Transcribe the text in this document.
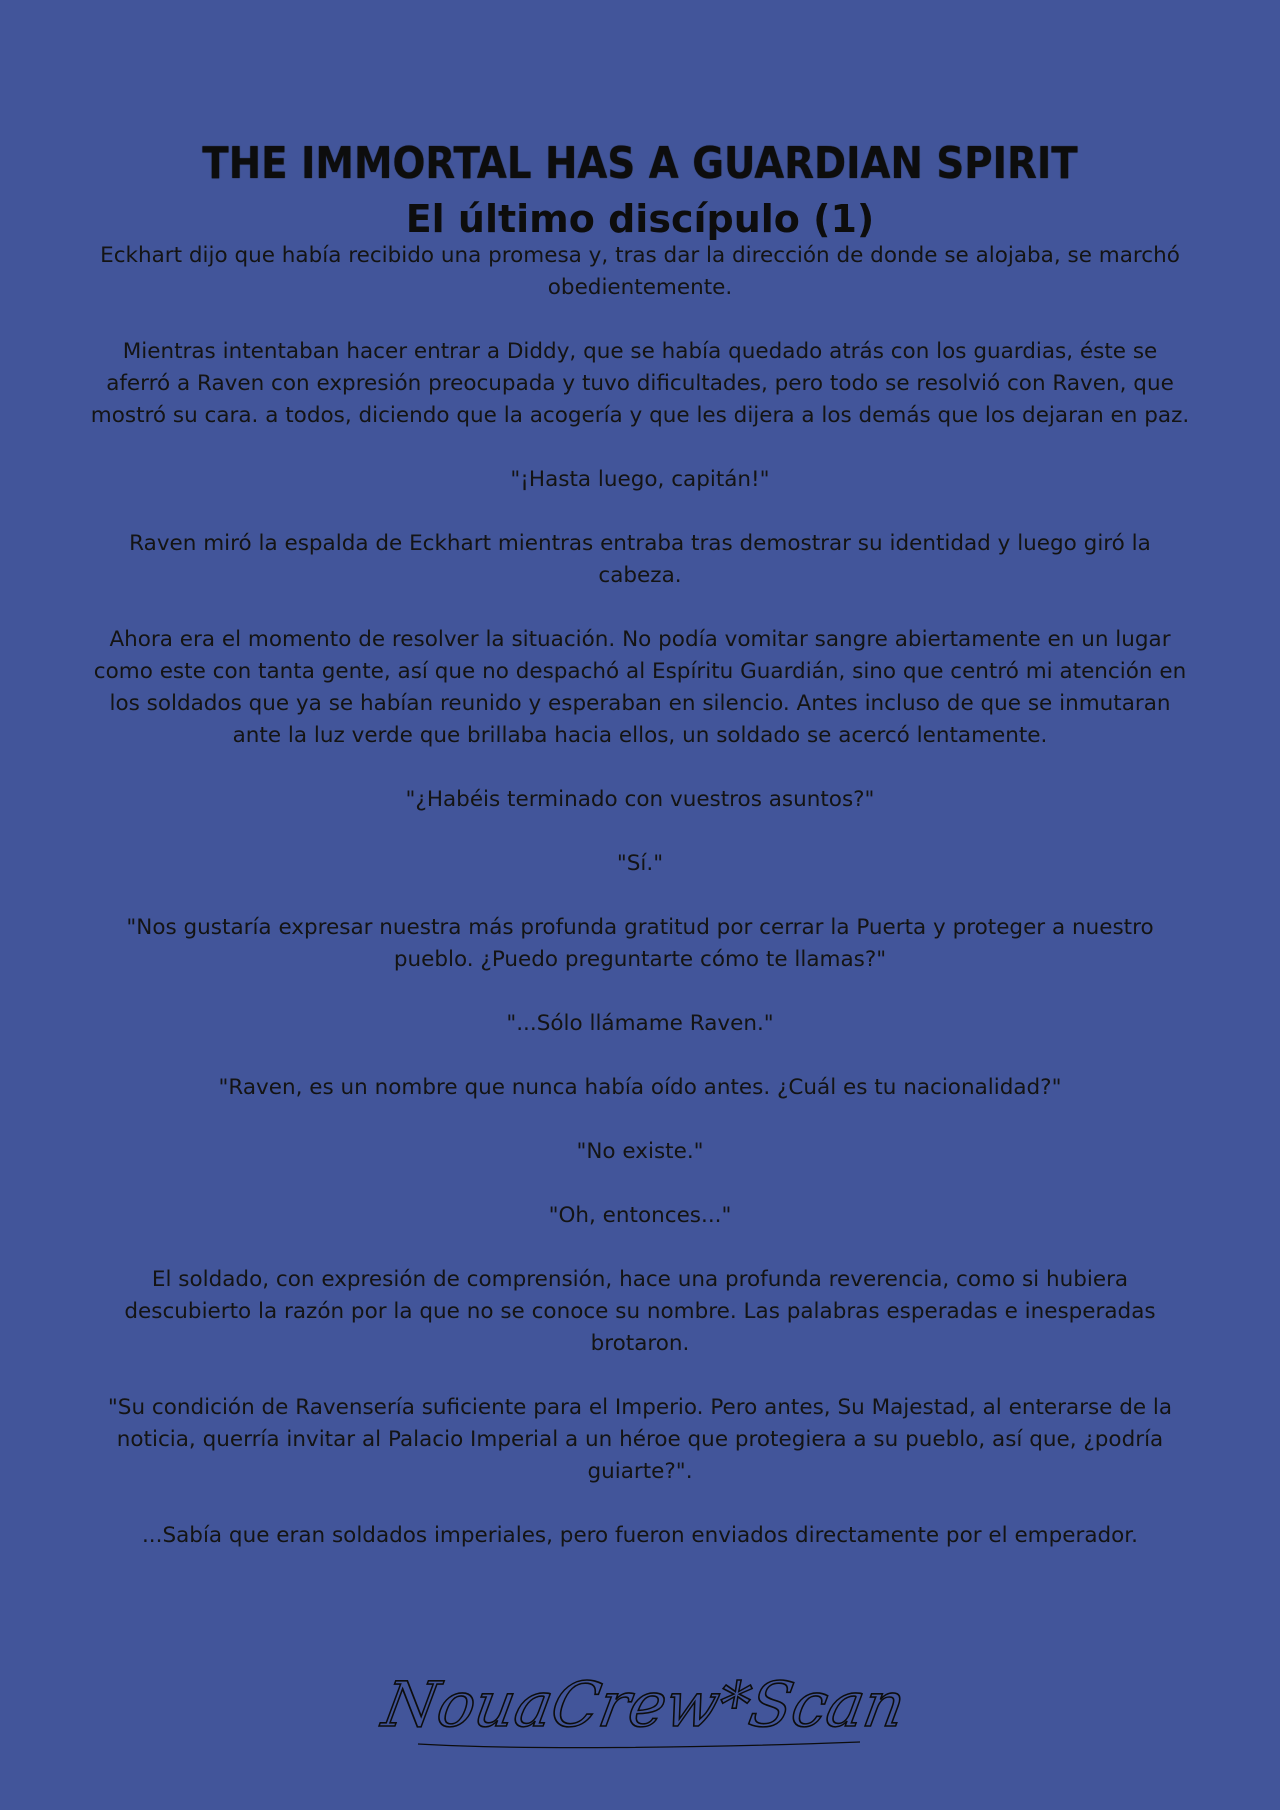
THE IMMORTAL HAS A GUARDIAN SPIRIT
El último discípulo (1)

Eckhart dijo que había recibido una promesa y, tras dar la dirección de donde se alojaba, se marchó obedientemente.

Mientras intentaban hacer entrar a Diddy, que se había quedado atrás con los guardias, éste se aferró a Raven con expresión preocupada y tuvo dificultades, pero todo se resolvió con Raven, que mostró su cara. a todos, diciendo que la acogería y que les dijera a los demás que los dejaran en paz.

"¡Hasta luego, capitán!"

Raven miró la espalda de Eckhart mientras entraba tras demostrar su identidad y luego giró la cabeza.

Ahora era el momento de resolver la situación. No podía vomitar sangre abiertamente en un lugar como este con tanta gente, así que no despachó al Espíritu Guardián, sino que centró mi atención en los soldados que ya se habían reunido y esperaban en silencio. Antes incluso de que se inmutaran ante la luz verde que brillaba hacia ellos, un soldado se acercó lentamente.

"¿Habéis terminado con vuestros asuntos?"

"Sí."

"Nos gustaría expresar nuestra más profunda gratitud por cerrar la Puerta y proteger a nuestro pueblo. ¿Puedo preguntarte cómo te llamas?"

"...Sólo llámame Raven."

"Raven, es un nombre que nunca había oído antes. ¿Cuál es tu nacionalidad?"

"No existe."

"Oh, entonces..."

El soldado, con expresión de comprensión, hace una profunda reverencia, como si hubiera descubierto la razón por la que no se conoce su nombre. Las palabras esperadas e inesperadas brotaron.

"Su condición de Ravensería suficiente para el Imperio. Pero antes, Su Majestad, al enterarse de la noticia, querría invitar al Palacio Imperial a un héroe que protegiera a su pueblo, así que, ¿podría guiarte?".

...Sabía que eran soldados imperiales, pero fueron enviados directamente por el emperador.

NouaCrew*Scan
